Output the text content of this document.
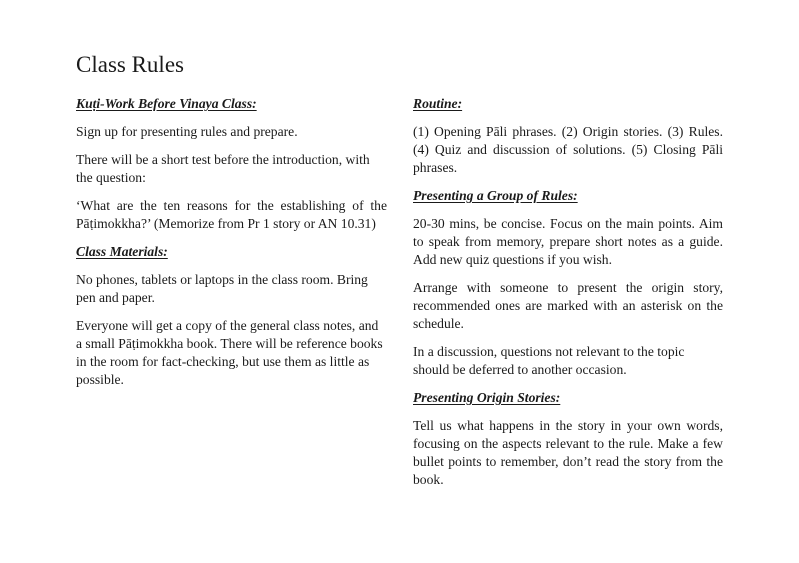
Class Rules
Kuṭi-Work Before Vinaya Class:

Sign up for presenting rules and prepare.

There will be a short test before the introduction, with the question:

‘What are the ten reasons for the establishing of the Pāṭimokkha?’ (Memorize from Pr 1 story or AN 10.31)

Class Materials:

No phones, tablets or laptops in the class room. Bring pen and paper.

Everyone will get a copy of the general class notes, and a small Pāṭimokkha book. There will be reference books in the room for fact-checking, but use them as little as possible.

Routine:

(1) Opening Pāli phrases. (2) Origin stories. (3) Rules. (4) Quiz and discussion of solutions. (5) Closing Pāli phrases.

Presenting a Group of Rules:

20-30 mins, be concise. Focus on the main points. Aim to speak from memory, prepare short notes as a guide. Add new quiz questions if you wish.

Arrange with someone to present the origin story, recommended ones are marked with an asterisk on the schedule.

In a discussion, questions not relevant to the topic should be deferred to another occasion.

Presenting Origin Stories:

Tell us what happens in the story in your own words, focusing on the aspects relevant to the rule. Make a few bullet points to remember, don’t read the story from the book.
